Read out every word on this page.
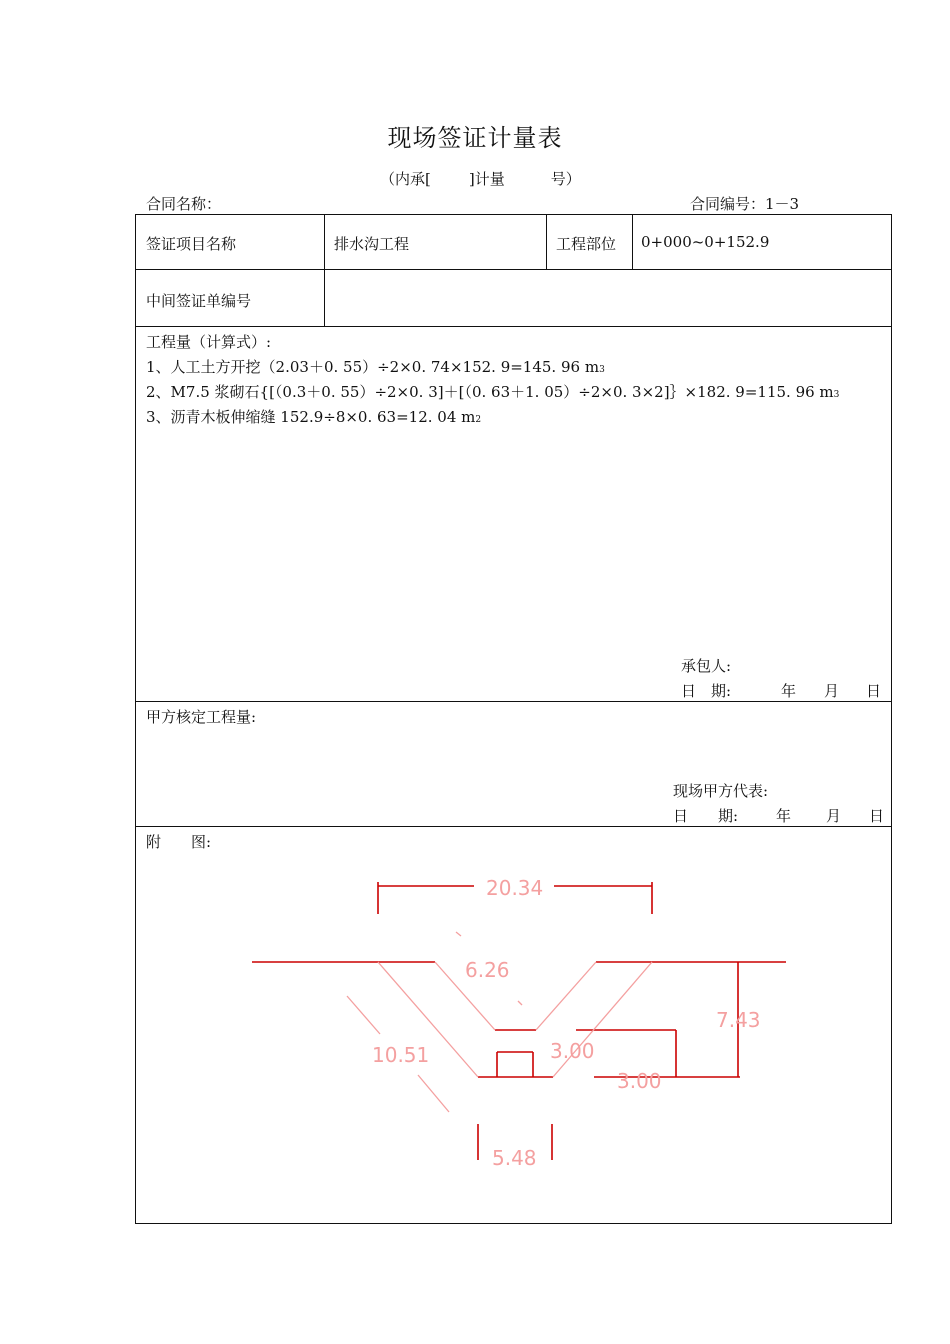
现场签证计量表
（内承[	]计量	号）
合同名称：	合同编号：1－3
签证项目名称	排水沟工程	工程部位 0+000~0+152.9
中间签证单编号
工程量（计算式）:
1、人工土方开挖（2.03＋0. 55）÷2×0. 74×152. 9=145. 96 m3
2、M7.5 浆砌石{[（0.3＋0. 55）÷2×0. 3]＋[（0. 63＋1. 05）÷2×0. 3×2]｝×182. 9=115. 96 m3
3、沥青木板伸缩缝 152.9÷8×0. 63=12. 04 m2
承包人:
日　期:	年 月 日
甲方核定工程量:
现场甲方代表:
日　　期:	年 月 日
附　　图:
20.34
6.26
10.51
7.43
3.00
3.00
5.48
